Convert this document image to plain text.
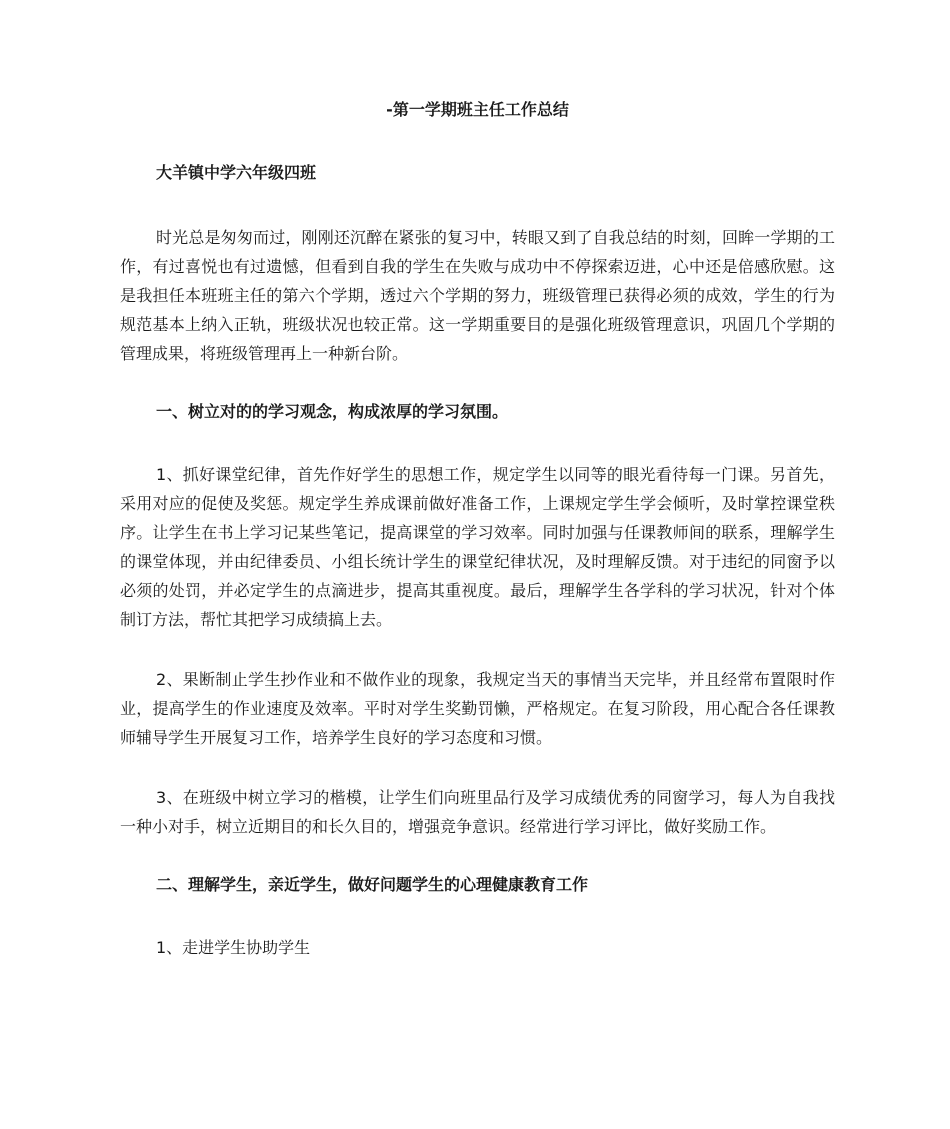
-第一学期班主任工作总结
大羊镇中学六年级四班

时光总是匆匆而过，刚刚还沉醉在紧张的复习中，转眼又到了自我总结的时刻，回眸一学期的工作，有过喜悦也有过遗憾，但看到自我的学生在失败与成功中不停探索迈进，心中还是倍感欣慰。这是我担任本班班主任的第六个学期，透过六个学期的努力，班级管理已获得必须的成效，学生的行为规范基本上纳入正轨，班级状况也较正常。这一学期重要目的是强化班级管理意识，巩固几个学期的管理成果，将班级管理再上一种新台阶。

一、树立对的的学习观念，构成浓厚的学习氛围。

1、抓好课堂纪律，首先作好学生的思想工作，规定学生以同等的眼光看待每一门课。另首先，采用对应的促使及奖惩。规定学生养成课前做好准备工作，上课规定学生学会倾听，及时掌控课堂秩序。让学生在书上学习记某些笔记，提高课堂的学习效率。同时加强与任课教师间的联系，理解学生的课堂体现，并由纪律委员、小组长统计学生的课堂纪律状况，及时理解反馈。对于违纪的同窗予以必须的处罚，并必定学生的点滴进步，提高其重视度。最后，理解学生各学科的学习状况，针对个体制订方法，帮忙其把学习成绩搞上去。

2、果断制止学生抄作业和不做作业的现象，我规定当天的事情当天完毕，并且经常布置限时作业，提高学生的作业速度及效率。平时对学生奖勤罚懒，严格规定。在复习阶段，用心配合各任课教师辅导学生开展复习工作，培养学生良好的学习态度和习惯。

3、在班级中树立学习的楷模，让学生们向班里品行及学习成绩优秀的同窗学习，每人为自我找一种小对手，树立近期目的和长久目的，增强竞争意识。经常进行学习评比，做好奖励工作。

二、理解学生，亲近学生，做好问题学生的心理健康教育工作

1、走进学生协助学生
